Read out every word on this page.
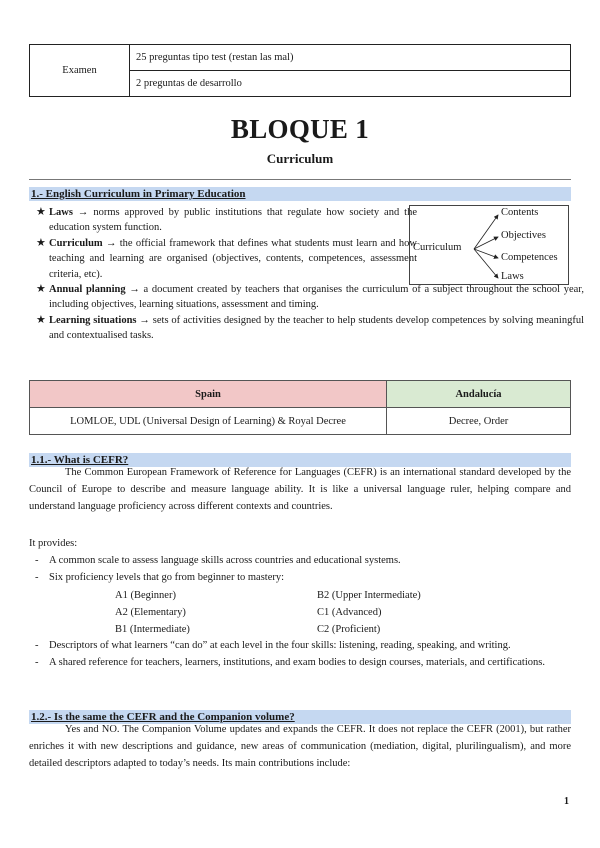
Examen	25 preguntas tipo test (restan las mal)
2 preguntas de desarrollo
BLOQUE 1
Curriculum
1.- English Curriculum in Primary Education
★ Laws → norms approved by public institutions that regulate how society and the education system function.
★ Curriculum → the official framework that defines what students must learn and how teaching and learning are organised (objectives, contents, competences, assessment criteria, etc).
★ Annual planning → a document created by teachers that organises the curriculum of a subject throughout the school year, including objectives, learning situations, assessment and timing.
★ Learning situations → sets of activities designed by the teacher to help students develop competences by solving meaningful and contextualised tasks.
Curriculum
Contents
Objectives
Competences
Laws
Spain	Andalucía
LOMLOE, UDL (Universal Design of Learning) & Royal Decree	Decree, Order
1.1.- What is CEFR?
The Common European Framework of Reference for Languages (CEFR) is an international standard developed by the Council of Europe to describe and measure language ability. It is like a universal language ruler, helping compare and understand language proficiency across different contexts and countries.
It provides:
- A common scale to assess language skills across countries and educational systems.
- Six proficiency levels that go from beginner to mastery:
A1 (Beginner)	B2 (Upper Intermediate)
A2 (Elementary)	C1 (Advanced)
B1 (Intermediate)	C2 (Proficient)
- Descriptors of what learners “can do” at each level in the four skills: listening, reading, speaking, and writing.
- A shared reference for teachers, learners, institutions, and exam bodies to design courses, materials, and certifications.
1.2.- Is the same the CEFR and the Companion volume?
Yes and NO. The Companion Volume updates and expands the CEFR. It does not replace the CEFR (2001), but rather enriches it with new descriptions and guidance, new areas of communication (mediation, digital, plurilingualism), and more detailed descriptors adapted to today’s needs. Its main contributions include:
1
